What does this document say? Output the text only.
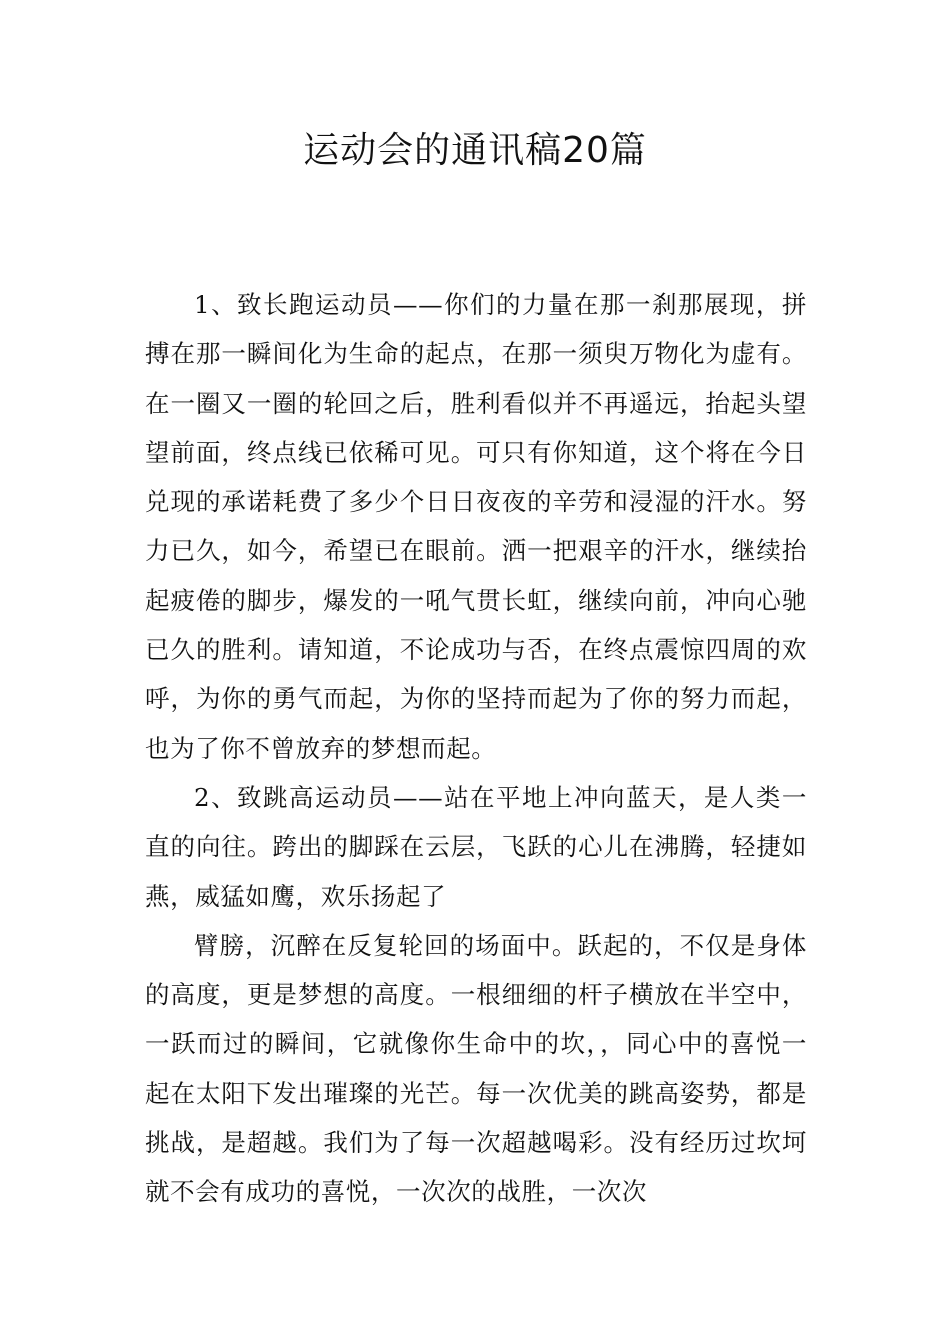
运动会的通讯稿20篇

1、致长跑运动员——你们的力量在那一刹那展现，拼搏在那一瞬间化为生命的起点，在那一须臾万物化为虚有。在一圈又一圈的轮回之后，胜利看似并不再遥远，抬起头望望前面，终点线已依稀可见。可只有你知道，这个将在今日兑现的承诺耗费了多少个日日夜夜的辛劳和浸湿的汗水。努力已久，如今，希望已在眼前。洒一把艰辛的汗水，继续抬起疲倦的脚步，爆发的一吼气贯长虹，继续向前，冲向心驰已久的胜利。请知道，不论成功与否，在终点震惊四周的欢呼，为你的勇气而起，为你的坚持而起为了你的努力而起，也为了你不曾放弃的梦想而起。

2、致跳高运动员——站在平地上冲向蓝天，是人类一直的向往。跨出的脚踩在云层，飞跃的心儿在沸腾，轻捷如燕，威猛如鹰，欢乐扬起了

臂膀，沉醉在反复轮回的场面中。跃起的，不仅是身体的高度，更是梦想的高度。一根细细的杆子横放在半空中，一跃而过的瞬间，它就像你生命中的坎，，同心中的喜悦一起在太阳下发出璀璨的光芒。每一次优美的跳高姿势，都是挑战，是超越。我们为了每一次超越喝彩。没有经历过坎坷就不会有成功的喜悦，一次次的战胜，一次次
